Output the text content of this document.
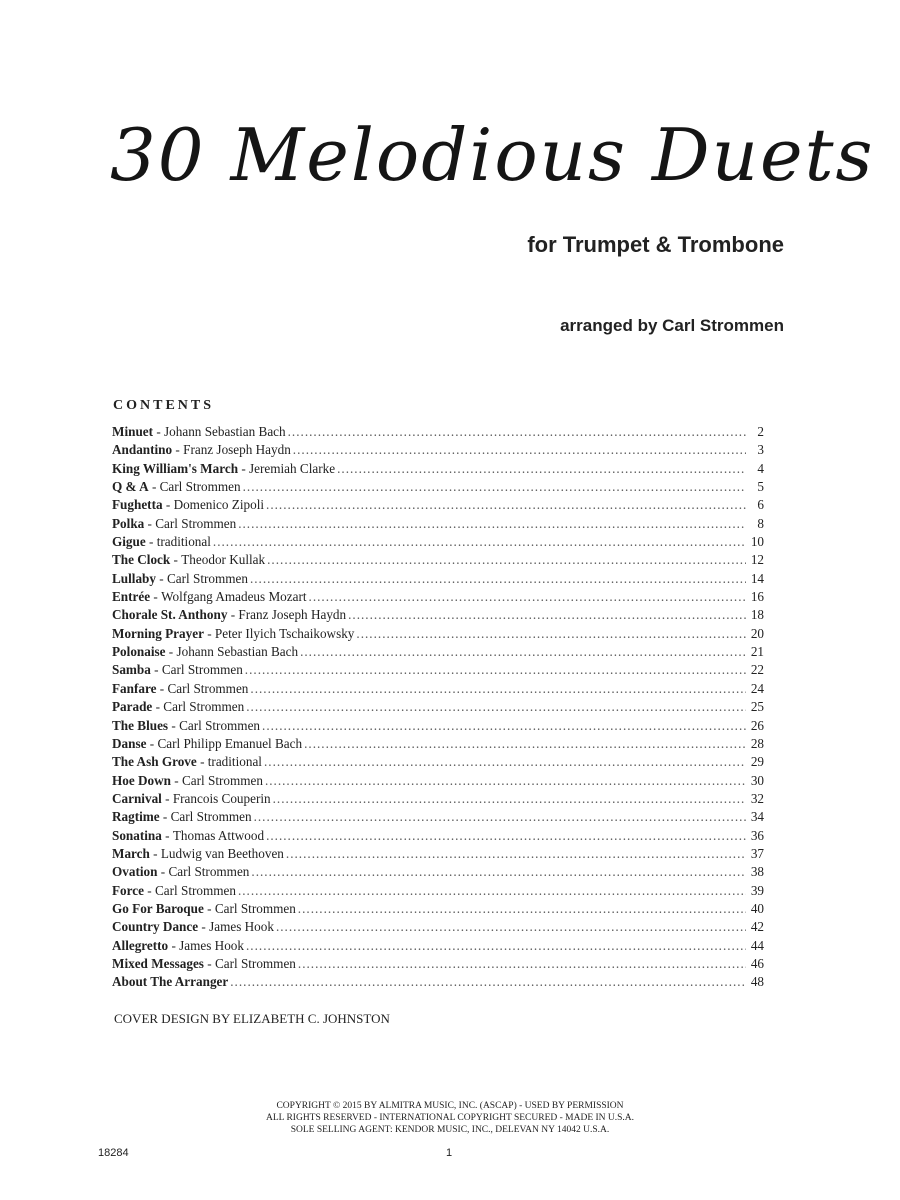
30 Melodious Duets
for Trumpet & Trombone
arranged by Carl Strommen
CONTENTS
Minuet - Johann Sebastian Bach .....	2
Andantino - Franz Joseph Haydn .....	3
King William's March - Jeremiah Clarke .....	4
Q & A - Carl Strommen .....	5
Fughetta - Domenico Zipoli .....	6
Polka - Carl Strommen .....	8
Gigue - traditional .....	10
The Clock - Theodor Kullak .....	12
Lullaby - Carl Strommen .....	14
Entrée - Wolfgang Amadeus Mozart .....	16
Chorale St. Anthony - Franz Joseph Haydn .....	18
Morning Prayer - Peter Ilyich Tschaikowsky .....	20
Polonaise - Johann Sebastian Bach .....	21
Samba - Carl Strommen .....	22
Fanfare - Carl Strommen .....	24
Parade - Carl Strommen .....	25
The Blues - Carl Strommen .....	26
Danse - Carl Philipp Emanuel Bach .....	28
The Ash Grove - traditional .....	29
Hoe Down - Carl Strommen .....	30
Carnival - Francois Couperin .....	32
Ragtime - Carl Strommen .....	34
Sonatina - Thomas Attwood .....	36
March - Ludwig van Beethoven .....	37
Ovation - Carl Strommen .....	38
Force - Carl Strommen .....	39
Go For Baroque - Carl Strommen .....	40
Country Dance - James Hook .....	42
Allegretto - James Hook .....	44
Mixed Messages - Carl Strommen .....	46
About The Arranger .....	48
COVER DESIGN BY ELIZABETH C. JOHNSTON
COPYRIGHT © 2015 BY ALMITRA MUSIC, INC. (ASCAP) - USED BY PERMISSION
ALL RIGHTS RESERVED - INTERNATIONAL COPYRIGHT SECURED - MADE IN U.S.A.
SOLE SELLING AGENT: KENDOR MUSIC, INC., DELEVAN NY 14042 U.S.A.
18284	1
